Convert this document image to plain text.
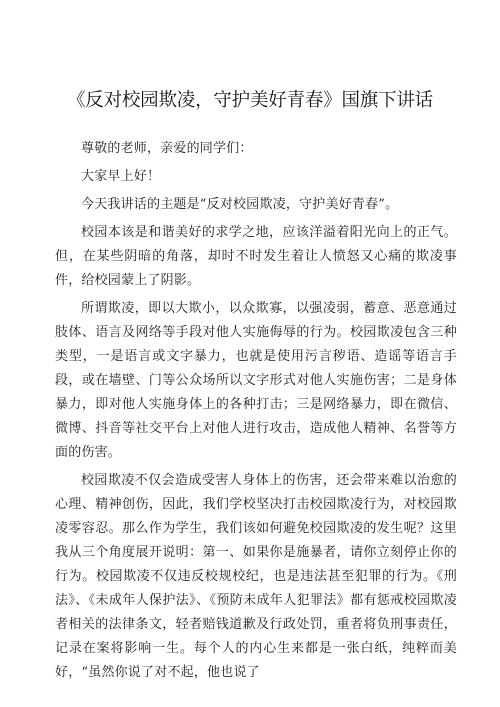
《反对校园欺凌，守护美好青春》国旗下讲话

尊敬的老师，亲爱的同学们：

大家早上好！

今天我讲话的主题是“反对校园欺凌，守护美好青春”。

校园本该是和谐美好的求学之地，应该洋溢着阳光向上的正气。但，在某些阴暗的角落，却时不时发生着让人愤怒又心痛的欺凌事件，给校园蒙上了阴影。

所谓欺凌，即以大欺小，以众欺寡，以强凌弱，蓄意、恶意通过肢体、语言及网络等手段对他人实施侮辱的行为。校园欺凌包含三种类型，一是语言或文字暴力，也就是使用污言秽语、造谣等语言手段，或在墙壁、门等公众场所以文字形式对他人实施伤害；二是身体暴力，即对他人实施身体上的各种打击；三是网络暴力，即在微信、微博、抖音等社交平台上对他人进行攻击，造成他人精神、名誉等方面的伤害。

校园欺凌不仅会造成受害人身体上的伤害，还会带来难以治愈的心理、精神创伤，因此，我们学校坚决打击校园欺凌行为，对校园欺凌零容忍。那么作为学生，我们该如何避免校园欺凌的发生呢？这里我从三个角度展开说明：第一、如果你是施暴者，请你立刻停止你的行为。校园欺凌不仅违反校规校纪，也是违法甚至犯罪的行为。《刑法》、《未成年人保护法》、《预防未成年人犯罪法》都有惩戒校园欺凌者相关的法律条文，轻者赔钱道歉及行政处罚，重者将负刑事责任，记录在案将影响一生。每个人的内心生来都是一张白纸，纯粹而美好，“虽然你说了对不起，他也说了
